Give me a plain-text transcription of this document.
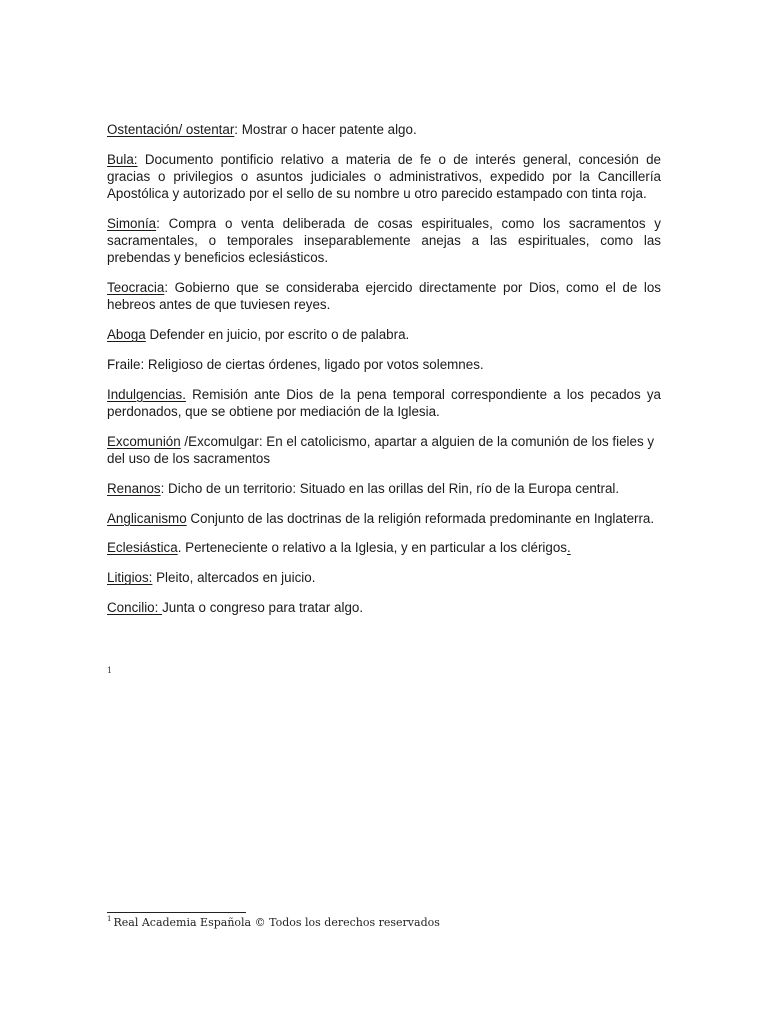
Ostentación/ ostentar: Mostrar o hacer patente algo.

Bula: Documento pontificio relativo a materia de fe o de interés general, concesión de gracias o privilegios o asuntos judiciales o administrativos, expedido por la Cancillería Apostólica y autorizado por el sello de su nombre u otro parecido estampado con tinta roja.

Simonía: Compra o venta deliberada de cosas espirituales, como los sacramentos y sacramentales, o temporales inseparablemente anejas a las espirituales, como las prebendas y beneficios eclesiásticos.

Teocracia: Gobierno que se consideraba ejercido directamente por Dios, como el de los hebreos antes de que tuviesen reyes.

Aboga Defender en juicio, por escrito o de palabra.

Fraile: Religioso de ciertas órdenes, ligado por votos solemnes.

Indulgencias. Remisión ante Dios de la pena temporal correspondiente a los pecados ya perdonados, que se obtiene por mediación de la Iglesia.

Excomunión /Excomulgar: En el catolicismo, apartar a alguien de la comunión de los fieles y del uso de los sacramentos

Renanos: Dicho de un territorio: Situado en las orillas del Rin, río de la Europa central.

Anglicanismo Conjunto de las doctrinas de la religión reformada predominante en Inglaterra.

Eclesiástica. Perteneciente o relativo a la Iglesia, y en particular a los clérigos.

Litigios: Pleito, altercados en juicio.

Concilio: Junta o congreso para tratar algo.

1
$^1$ Real Academia Española © Todos los derechos reservados
